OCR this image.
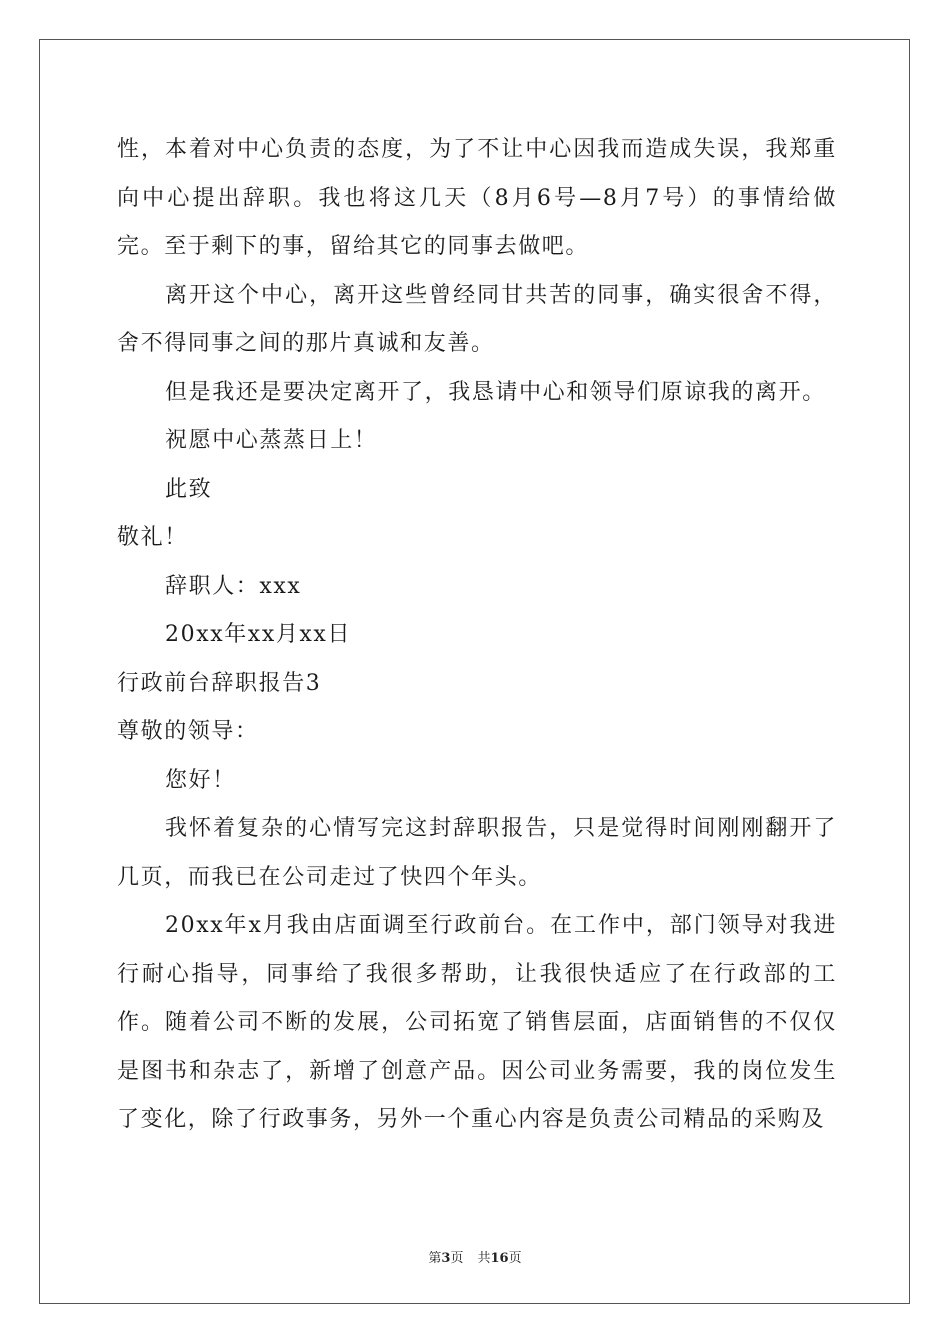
性，本着对中心负责的态度，为了不让中心因我而造成失误，我郑重向中心提出辞职。我也将这几天（8月6号—8月7号）的事情给做完。至于剩下的事，留给其它的同事去做吧。

离开这个中心，离开这些曾经同甘共苦的同事，确实很舍不得，舍不得同事之间的那片真诚和友善。

但是我还是要决定离开了，我恳请中心和领导们原谅我的离开。

祝愿中心蒸蒸日上！

此致

敬礼！

辞职人：xxx

20xx年xx月xx日

行政前台辞职报告3

尊敬的领导：

您好！

我怀着复杂的心情写完这封辞职报告，只是觉得时间刚刚翻开了几页，而我已在公司走过了快四个年头。

20xx年x月我由店面调至行政前台。在工作中，部门领导对我进行耐心指导，同事给了我很多帮助，让我很快适应了在行政部的工作。随着公司不断的发展，公司拓宽了销售层面，店面销售的不仅仅是图书和杂志了，新增了创意产品。因公司业务需要，我的岗位发生了变化，除了行政事务，另外一个重心内容是负责公司精品的采购及

第3页 共16页
